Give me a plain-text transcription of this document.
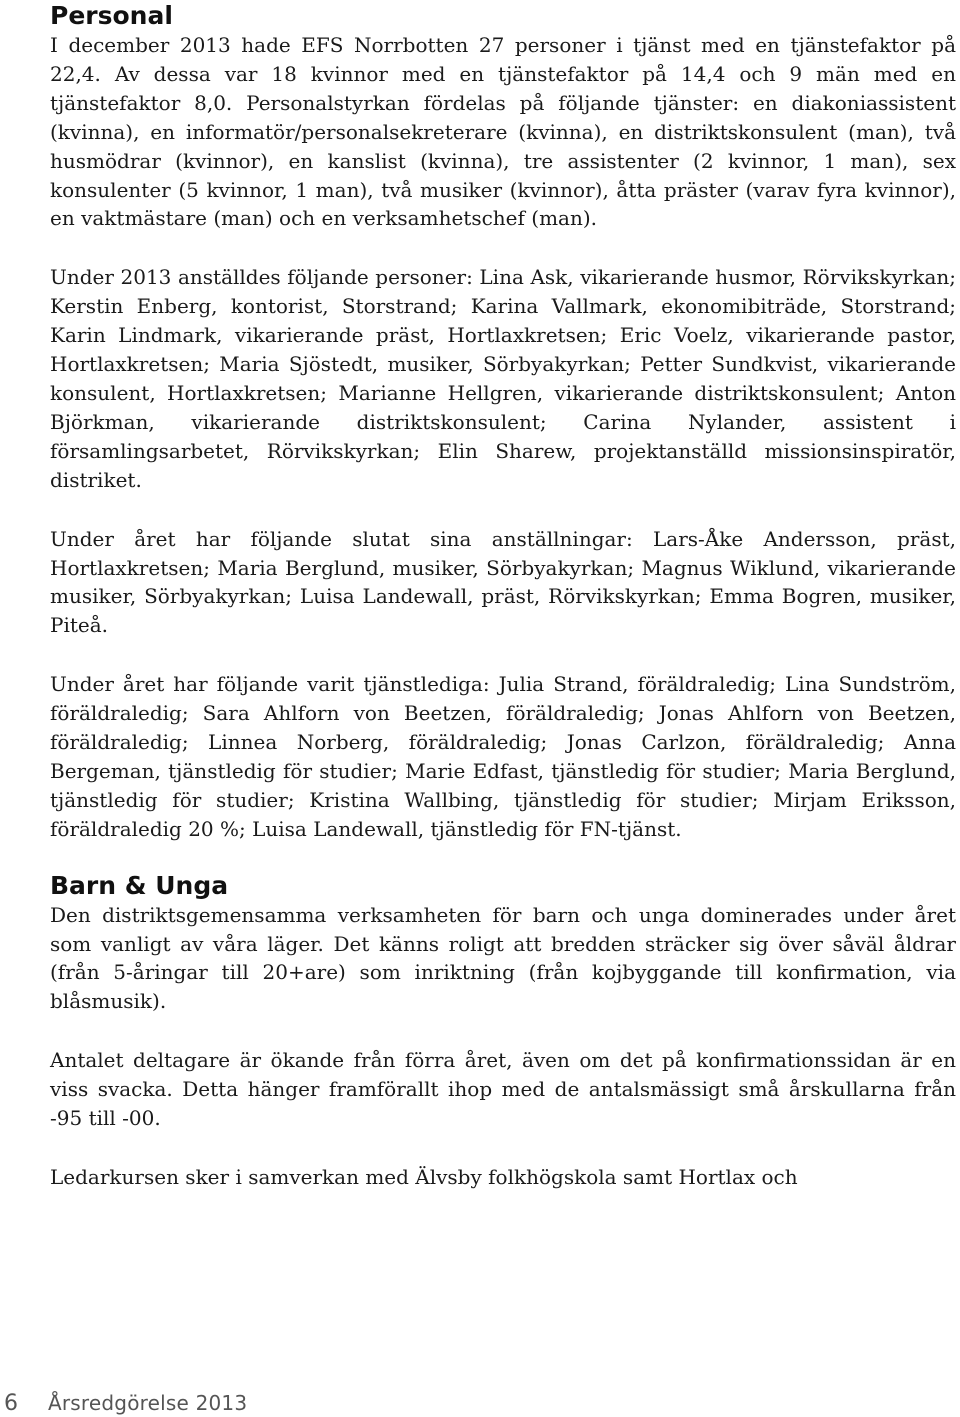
Personal

I december 2013 hade EFS Norrbotten 27 personer i tjänst med en tjänstefaktor på 22,4. Av dessa var 18 kvinnor med en tjänstefaktor på 14,4 och 9 män med en tjänstefaktor 8,0. Personalstyrkan fördelas på följande tjänster: en diakoniassistent (kvinna), en informatör/personalsekreterare (kvinna), en distriktskonsulent (man), två husmödrar (kvinnor), en kanslist (kvinna), tre assistenter (2 kvinnor, 1 man), sex konsulenter (5 kvinnor, 1 man), två musiker (kvinnor), åtta präster (varav fyra kvinnor), en vaktmästare (man) och en verksamhetschef (man).

Under 2013 anställdes följande personer: Lina Ask, vikarierande husmor, Rörvikskyrkan; Kerstin Enberg, kontorist, Storstrand; Karina Vallmark, ekonomibiträde, Storstrand; Karin Lindmark, vikarierande präst, Hortlaxkretsen; Eric Voelz, vikarierande pastor, Hortlaxkretsen; Maria Sjöstedt, musiker, Sörbyakyrkan; Petter Sundkvist, vikarierande konsulent, Hortlaxkretsen; Marianne Hellgren, vikarierande distriktskonsulent; Anton Björkman, vikarierande distriktskonsulent; Carina Nylander, assistent i församlingsarbetet, Rörvikskyrkan; Elin Sharew, projektanställd missionsinspiratör, distriket.

Under året har följande slutat sina anställningar: Lars-Åke Andersson, präst, Hortlaxkretsen; Maria Berglund, musiker, Sörbyakyrkan; Magnus Wiklund, vikarierande musiker, Sörbyakyrkan; Luisa Landewall, präst, Rörvikskyrkan; Emma Bogren, musiker, Piteå.

Under året har följande varit tjänstlediga: Julia Strand, föräldraledig; Lina Sundström, föräldraledig; Sara Ahlforn von Beetzen, föräldraledig; Jonas Ahlforn von Beetzen, föräldraledig; Linnea Norberg, föräldraledig; Jonas Carlzon, föräldraledig; Anna Bergeman, tjänstledig för studier; Marie Edfast, tjänstledig för studier; Maria Berglund, tjänstledig för studier; Kristina Wallbing, tjänstledig för studier; Mirjam Eriksson, föräldraledig 20 %; Luisa Landewall, tjänstledig för FN-tjänst.

Barn & Unga

Den distriktsgemensamma verksamheten för barn och unga dominerades under året som vanligt av våra läger. Det känns roligt att bredden sträcker sig över såväl åldrar (från 5-åringar till 20+are) som inriktning (från kojbyggande till konfirmation, via blåsmusik).

Antalet deltagare är ökande från förra året, även om det på konfirmationssidan är en viss svacka. Detta hänger framförallt ihop med de antalsmässigt små årskullarna från -95 till -00.

Ledarkursen sker i samverkan med Älvsby folkhögskola samt Hortlax och

6	Årsredgörelse 2013
